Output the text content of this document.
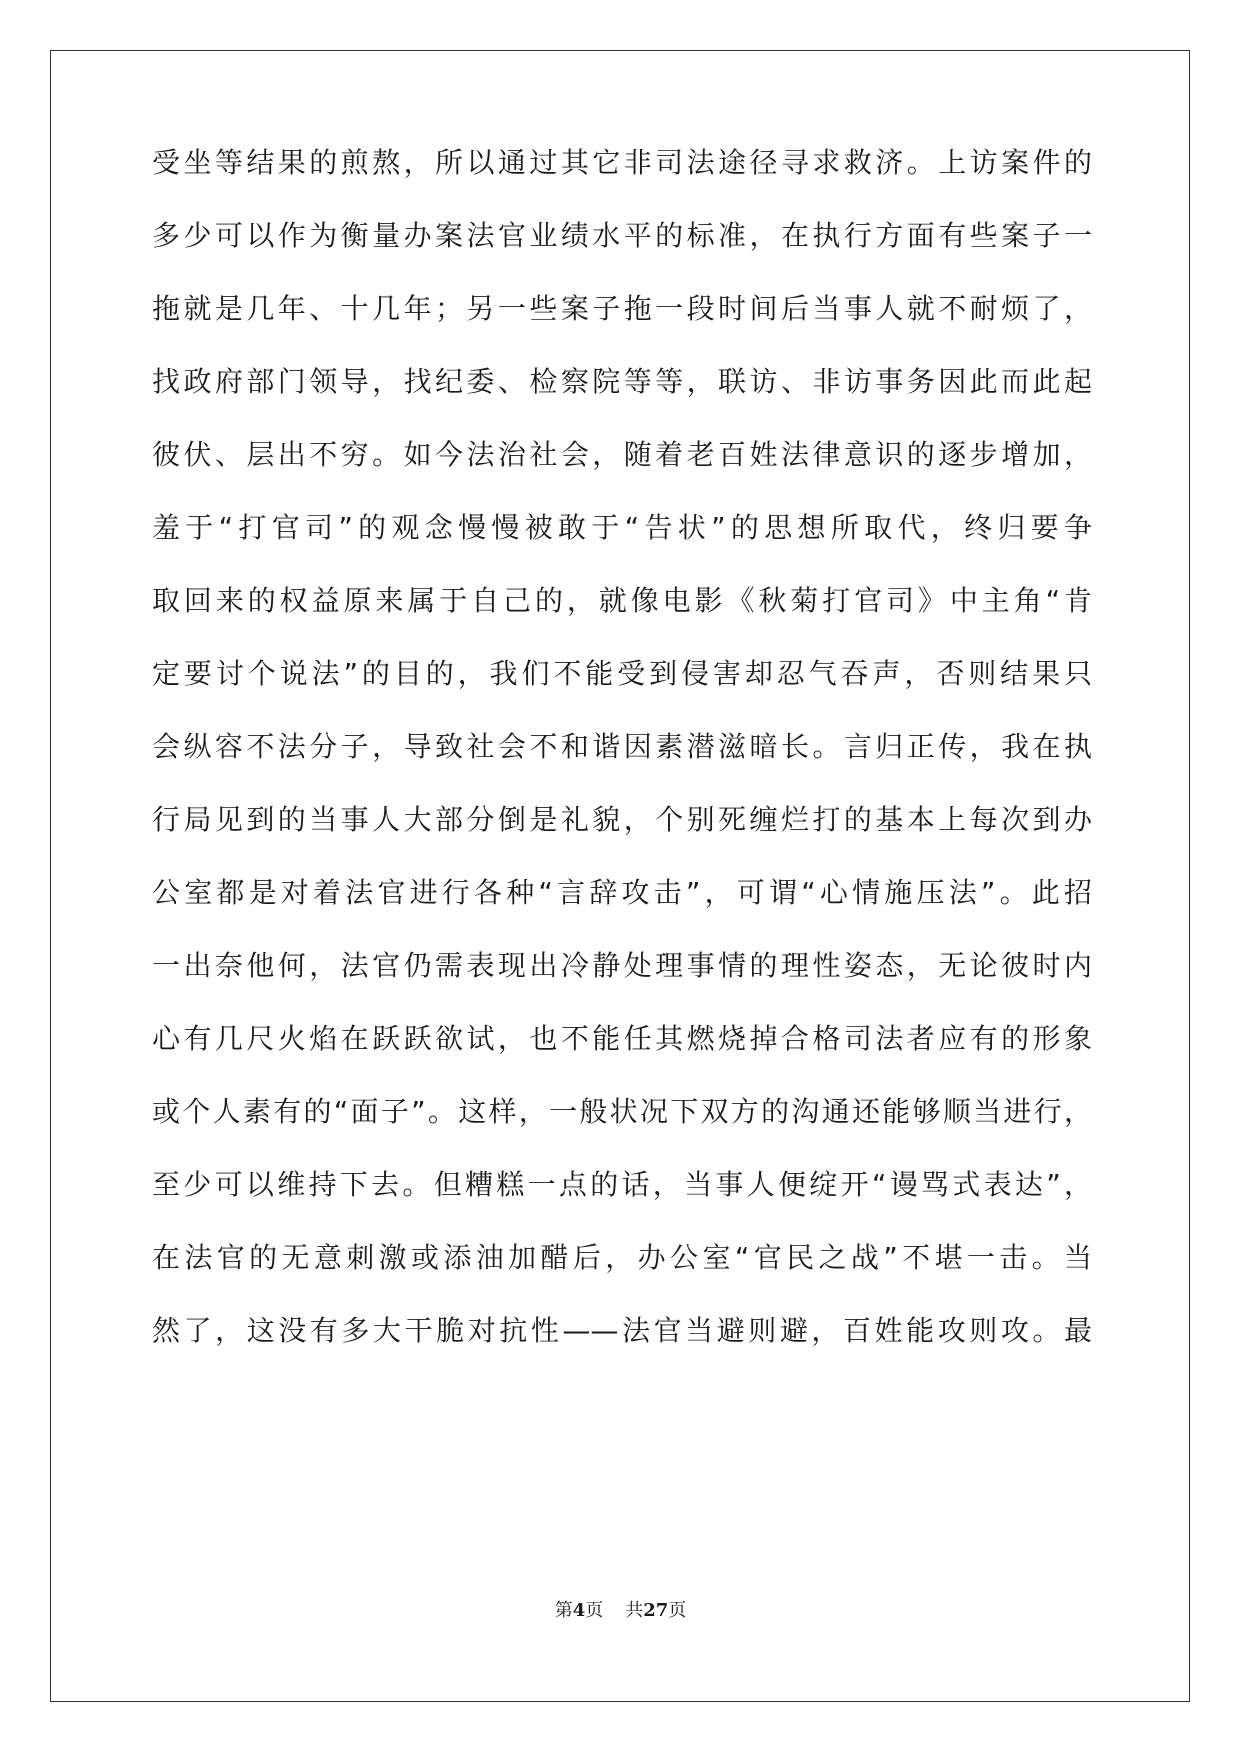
受坐等结果的煎熬，所以通过其它非司法途径寻求救济。上访案件的
多少可以作为衡量办案法官业绩水平的标准，在执行方面有些案子一
拖就是几年、十几年；另一些案子拖一段时间后当事人就不耐烦了，
找政府部门领导，找纪委、检察院等等，联访、非访事务因此而此起
彼伏、层出不穷。如今法治社会，随着老百姓法律意识的逐步增加，
羞于“打官司”的观念慢慢被敢于“告状”的思想所取代，终归要争
取回来的权益原来属于自己的，就像电影《秋菊打官司》中主角“肯
定要讨个说法”的目的，我们不能受到侵害却忍气吞声，否则结果只
会纵容不法分子，导致社会不和谐因素潜滋暗长。言归正传，我在执
行局见到的当事人大部分倒是礼貌，个别死缠烂打的基本上每次到办
公室都是对着法官进行各种“言辞攻击”，可谓“心情施压法”。此招
一出奈他何，法官仍需表现出冷静处理事情的理性姿态，无论彼时内
心有几尺火焰在跃跃欲试，也不能任其燃烧掉合格司法者应有的形象
或个人素有的“面子”。这样，一般状况下双方的沟通还能够顺当进行，
至少可以维持下去。但糟糕一点的话，当事人便绽开“谩骂式表达”，
在法官的无意刺激或添油加醋后，办公室“官民之战”不堪一击。当
然了，这没有多大干脆对抗性——法官当避则避，百姓能攻则攻。最
第4页 共27页
